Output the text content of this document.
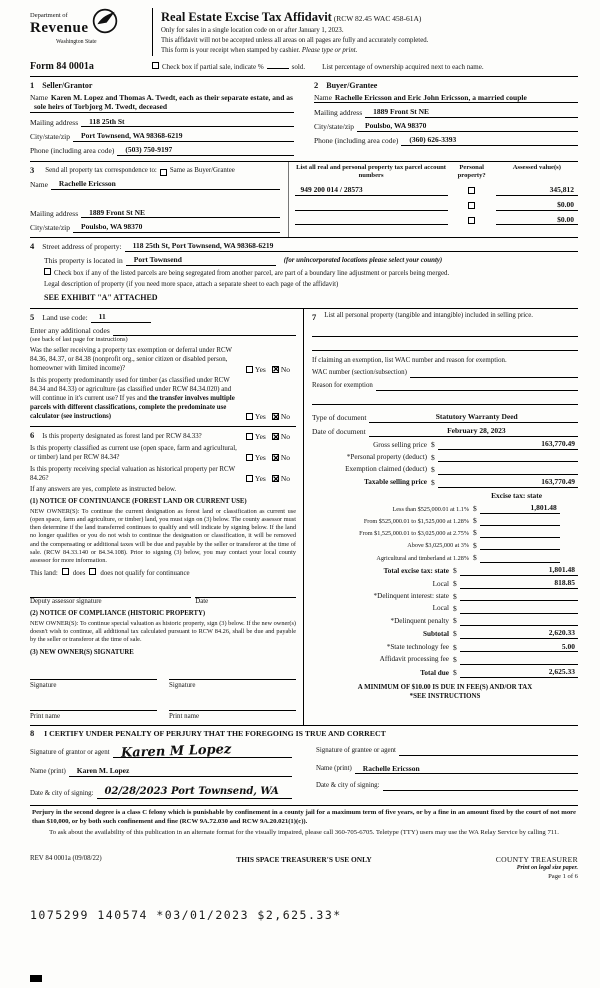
Department of
Revenue
Washington State
Real Estate Excise Tax Affidavit (RCW 82.45 WAC 458-61A)
Only for sales in a single location code on or after January 1, 2023.
This affidavit will not be accepted unless all areas on all pages are fully and accurately completed.
This form is your receipt when stamped by cashier. Please type or print.
Form 84 0001a	Check box if partial sale, indicate %	sold. List percentage of ownership acquired next to each name.
1 Seller/Grantor
Name Karen M. Lopez and Thomas A. Twedt, each as their separate estate, and as sole heirs of Torbjorg M. Twedt, deceased
Mailing address	118 25th St
City/state/zip	Port Townsend, WA 98368-6219
Phone (including area code)	(503) 750-9197
2 Buyer/Grantee
Name Rachelle Ericsson and Eric John Ericsson, a married couple
Mailing address	1889 Front St NE
City/state/zip	Poulsbo, WA 98370
Phone (including area code)	(360) 626-3393
3 Send all property tax correspondence to: Same as Buyer/Grantee
Name	Rachelle Ericsson
Mailing address	1889 Front St NE
City/state/zip	Poulsbo, WA 98370
List all real and personal property tax parcel account numbers
Personal property?
Assessed value(s)
949 200 014 / 28573	345,812
$0.00
$0.00
4 Street address of property:	118 25th St, Port Townsend, WA 98368-6219
This property is located in	Port Townsend	(for unincorporated locations please select your county)
Check box if any of the listed parcels are being segregated from another parcel, are part of a boundary line adjustment or parcels being merged.
Legal description of property (if you need more space, attach a separate sheet to each page of the affidavit)
SEE EXHIBIT "A" ATTACHED
5 Land use code:	11
Enter any additional codes
(see back of last page for instructions)
Was the seller receiving a property tax exemption or deferral under RCW 84.36, 84.37, or 84.38 (nonprofit org., senior citizen or disabled person, homeowner with limited income)?	Yes ✕ No
Is this property predominantly used for timber (as classified under RCW 84.34 and 84.33) or agriculture (as classified under RCW 84.34.020) and will continue in it's current use? If yes and the transfer involves multiple parcels with different classifications, complete the predominate use calculator (see instructions)	Yes ✕ No
6 Is this property designated as forest land per RCW 84.33?	Yes ✕ No
Is this property classified as current use (open space, farm and agricultural, or timber) land per RCW 84.34?	Yes ✕ No
Is this property receiving special valuation as historical property per RCW 84.26?	Yes ✕ No
If any answers are yes, complete as instructed below.
(1) NOTICE OF CONTINUANCE (FOREST LAND OR CURRENT USE)
NEW OWNER(S): To continue the current designation as forest land or classification as current use (open space, farm and agriculture, or timber) land, you must sign on (3) below. The county assessor must then determine if the land transferred continues to qualify and will indicate by signing below. If the land no longer qualifies or you do not wish to continue the designation or classification, it will be removed and the compensating or additional taxes will be due and payable by the seller or transferor at the time of sale. (RCW 84.33.140 or 84.34.108). Prior to signing (3) below, you may contact your local county assessor for more information.
This land: does does not qualify for continuance
Deputy assessor signature	Date
(2) NOTICE OF COMPLIANCE (HISTORIC PROPERTY)
NEW OWNER(S): To continue special valuation as historic property, sign (3) below. If the new owner(s) doesn't wish to continue, all additional tax calculated pursuant to RCW 84.26, shall be due and payable by the seller or transferor at the time of sale.
(3) NEW OWNER(S) SIGNATURE
Signature	Signature
Print name	Print name
7 List all personal property (tangible and intangible) included in selling price.
If claiming an exemption, list WAC number and reason for exemption.
WAC number (section/subsection)
Reason for exemption
Type of document	Statutory Warranty Deed
Date of document	February 28, 2023
Gross selling price $	163,770.49
*Personal property (deduct) $
Exemption claimed (deduct) $
Taxable selling price $	163,770.49
Excise tax: state
Less than $525,000.01 at 1.1% $	1,801.48
From $525,000.01 to $1,525,000 at 1.28% $
From $1,525,000.01 to $3,025,000 at 2.75% $
Above $3,025,000 at 3% $
Agricultural and timberland at 1.28% $
Total excise tax: state $	1,801.48
Local $	818.85
*Delinquent interest: state $
Local $
*Delinquent penalty $
Subtotal $	2,620.33
*State technology fee $	5.00
Affidavit processing fee $
Total due $	2,625.33
A MINIMUM OF $10.00 IS DUE IN FEE(S) AND/OR TAX
*SEE INSTRUCTIONS
8 I CERTIFY UNDER PENALTY OF PERJURY THAT THE FOREGOING IS TRUE AND CORRECT
Signature of grantor or agent Karen M Lopez
Name (print)	Karen M. Lopez
Date & city of signing:	02/28/2023 Port Townsend, WA
Signature of grantee or agent
Name (print)	Rachelle Ericsson
Date & city of signing:
Perjury in the second degree is a class C felony which is punishable by confinement in a county jail for a maximum term of five years, or by a fine in an amount fixed by the court of not more than $10,000, or by both such confinement and fine (RCW 9A.72.030 and RCW 9A.20.021(1)(c)).
To ask about the availability of this publication in an alternate format for the visually impaired, please call 360-705-6705. Teletype (TTY) users may use the WA Relay Service by calling 711.
REV 84 0001a (09/08/22)	THIS SPACE TREASURER'S USE ONLY	COUNTY TREASURER
Print on legal size paper.
Page 1 of 6
1075299 140574 *03/01/2023 $2,625.33*
